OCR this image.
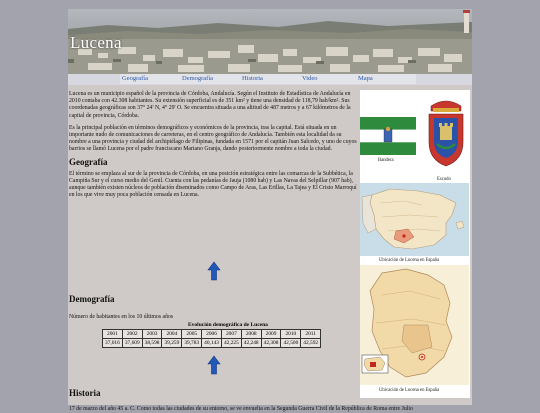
Lucena
Geografía	Demografía	Historia	Video	Mapa

Lucena es un municipio español de la provincia de Córdoba, Andalucía. Según el Instituto de Estadística de Andalucía en 2010 contaba con 42.308 habitantes. Su extensión superficial es de 351 km² y tiene una densidad de 118,79 hab/km². Sus coordenadas geográficas son 37° 24' N, 4° 29' O. Se encuentra situada a una altitud de 487 metros y a 67 kilómetros de la capital de provincia, Córdoba.

Es la principal población en términos demográficos y económicos de la provincia, tras la capital. Está situada en un importante nudo de comunicaciones de carreteras, en el centro geográfico de Andalucía. También esta localidad da su nombre a una provincia y ciudad del archipiélago de Filipinas, fundada en 1571 por el capitán Juan Salcedo, y uno de cuyos barrios se llamó Lucena por el padre franciscano Mariano Granja, dando posteriormente nombre a toda la ciudad.

Geografía

El término se emplaza al sur de la provincia de Córdoba, en una posición estratégica entre las comarcas de la Subbética, la Campiña Sur y el curso medio del Genil. Cuenta con las pedanías de Jauja (1080 hab) y Las Navas del Selpillar (907 hab), aunque también existen núcleos de población diseminados como Campo de Aras, Las Erillas, La Tajea y El Cristo Marroquí en los que vive muy poca población censada en Lucena.

Demografía
Número de habitantes en los 10 últimos años
Evolución demográfica de Lucena
2001	2002	2003	2004	2005	2006	2007	2008	2009	2010	2011
37,016	37,609	38,598	39,259	39,783	40,143	42,225	42,248	42,308	42,500	42,592
Historia
17 de marzo del año 45 a. C. Como todas las ciudades de su entorno, se ve envuelta en la Segunda Guerra Civil de la República de Roma entre Julio
Bandera
Escudo
Ubicación de Lucena en España
Ubicación de Lucena en España
